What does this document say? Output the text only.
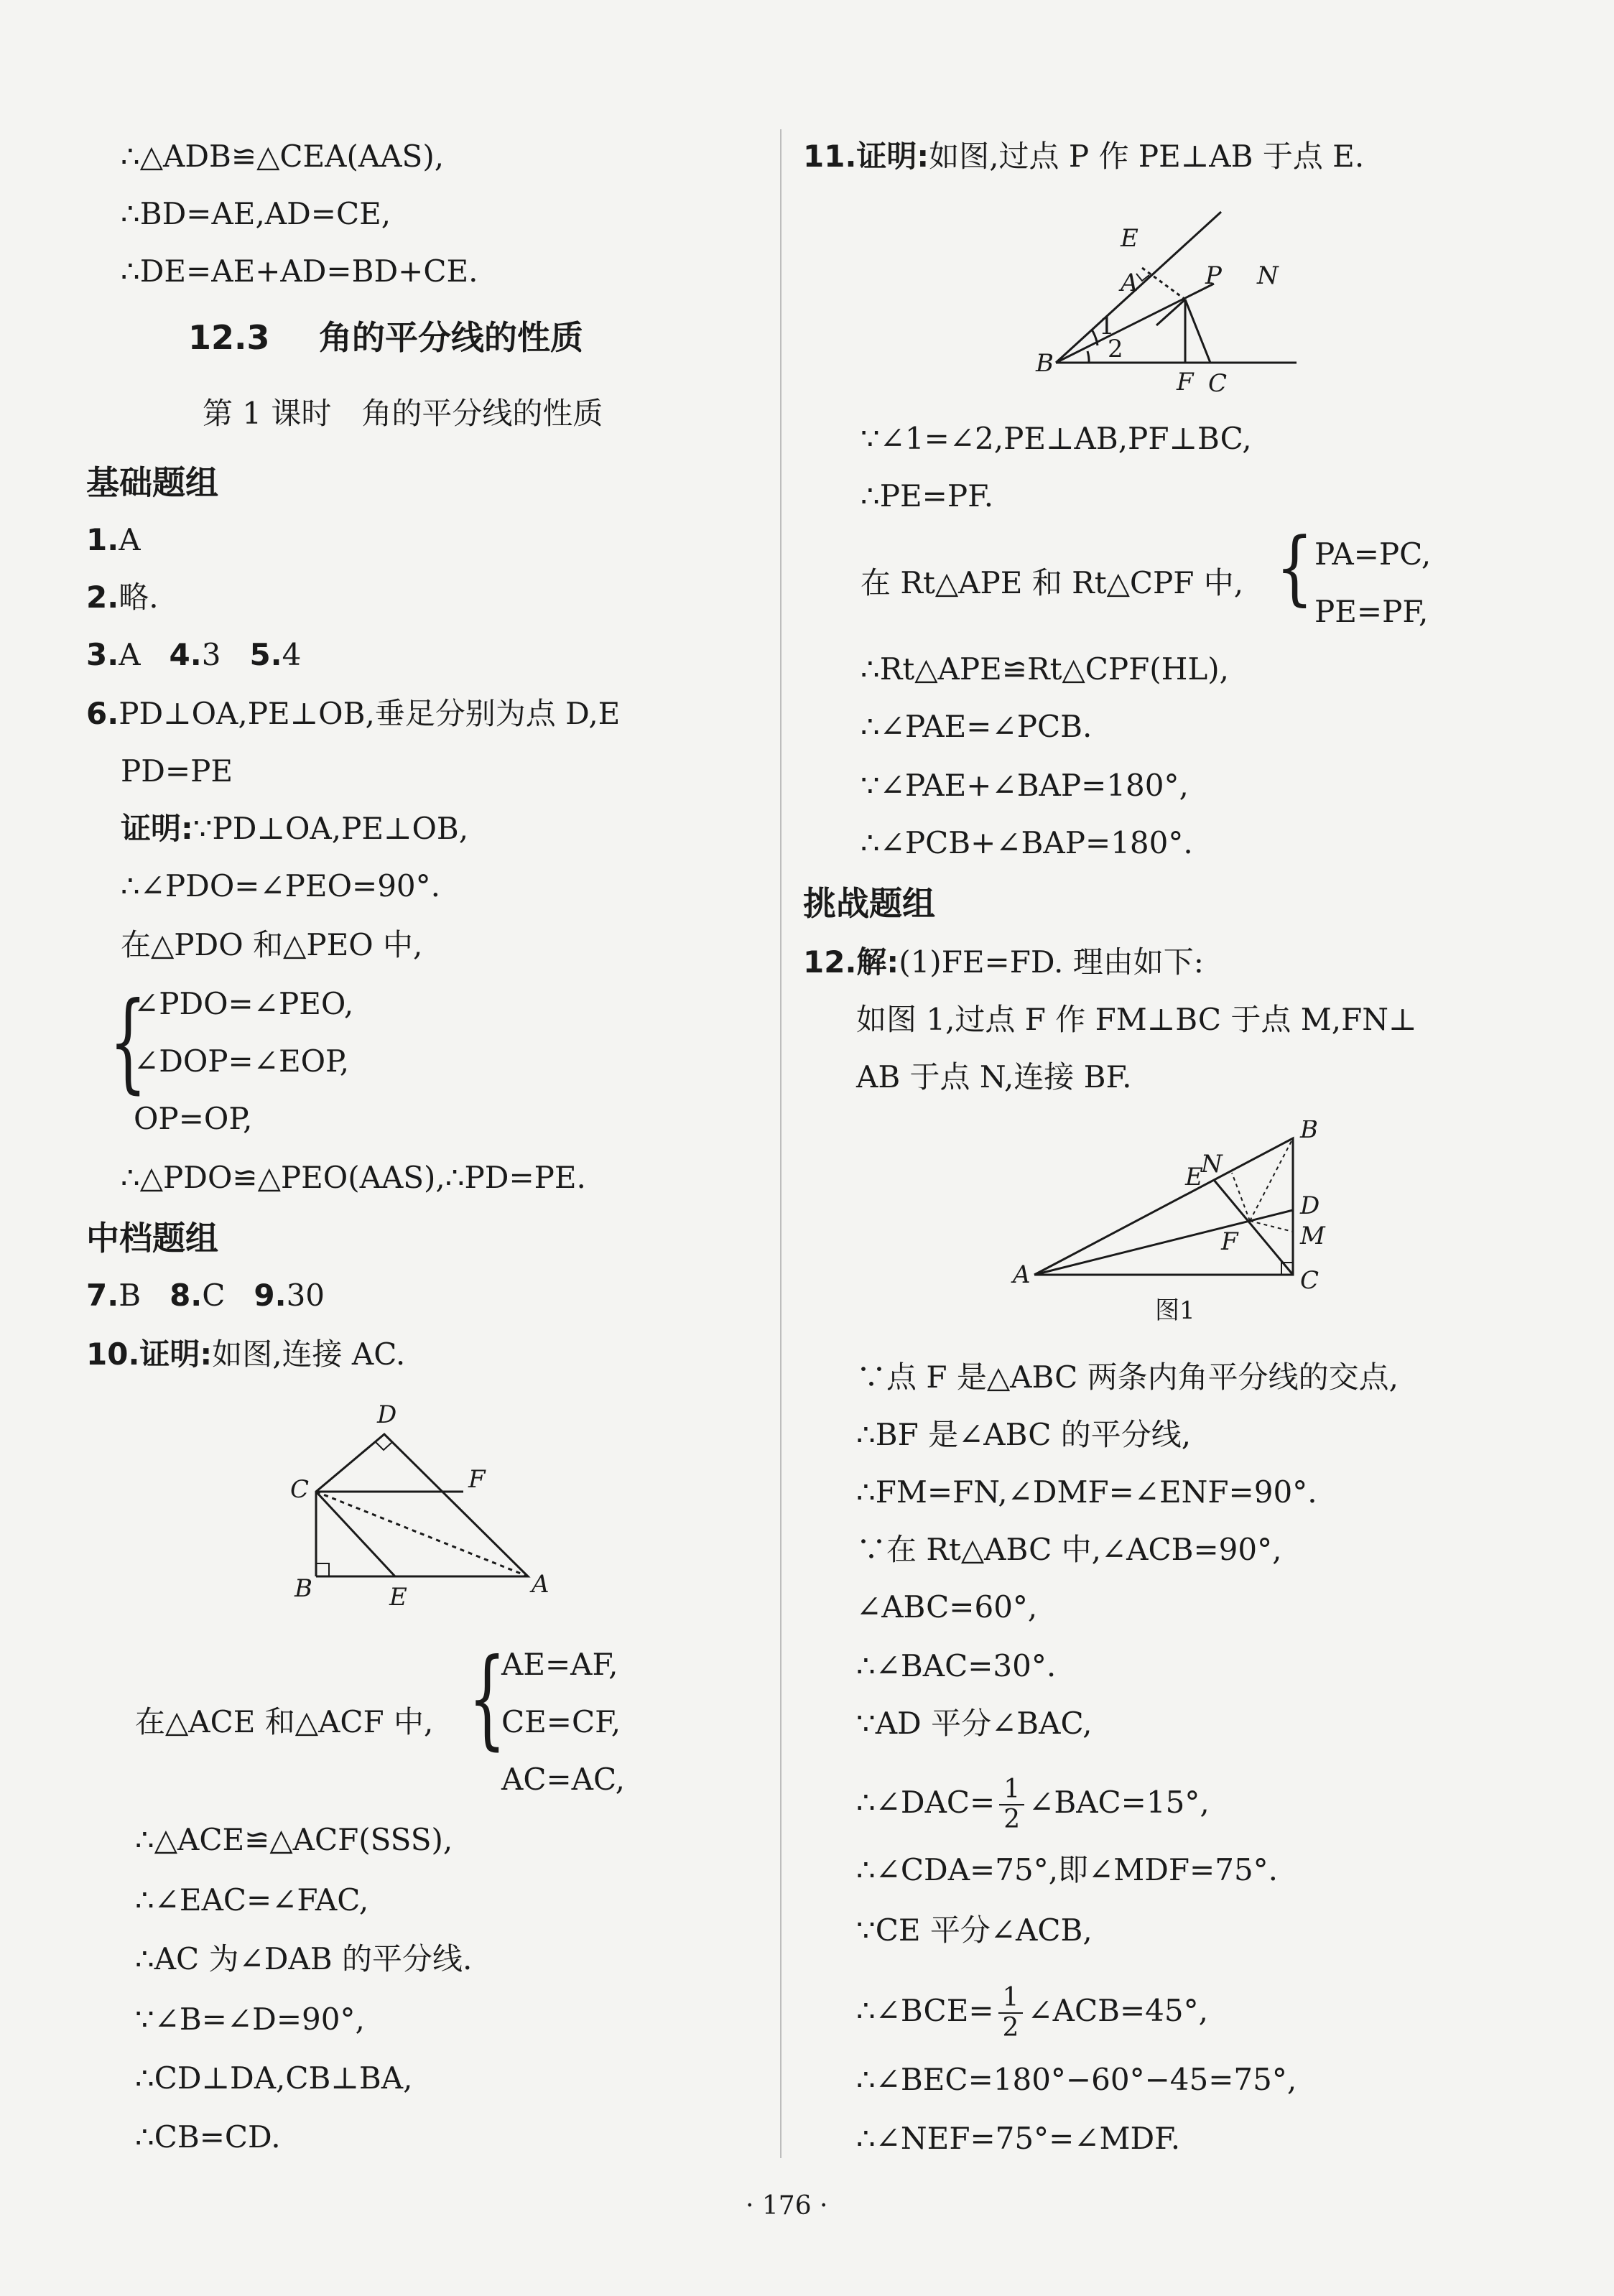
∴△ADB≌△CEA(AAS),
∴BD=AE,AD=CE,
∴DE=AE+AD=BD+CE.
12.3 角的平分线的性质
第 1 课时　角的平分线的性质
基础题组
1.A
2.略.
3.A 4.3 5.4
6.PD⊥OA,PE⊥OB,垂足分别为点 D,E
PD=PE
证明:∵PD⊥OA,PE⊥OB,
∴∠PDO=∠PEO=90°.
在△PDO 和△PEO 中,
{
∠PDO=∠PEO,
∠DOP=∠EOP,
OP=OP,
∴△PDO≌△PEO(AAS),∴PD=PE.
中档题组
7.B 8.C 9.30
10.证明:如图,连接 AC.
D
C	F
B	E	A
在△ACE 和△ACF 中, {
AE=AF,
CE=CF,
AC=AC,
∴△ACE≌△ACF(SSS),
∴∠EAC=∠FAC,
∴AC 为∠DAB 的平分线.
∵∠B=∠D=90°,
∴CD⊥DA,CB⊥BA,
∴CB=CD.
11.证明:如图,过点 P 作 PE⊥AB 于点 E.
E
A	P N
1
2
B
F C
∵∠1=∠2,PE⊥AB,PF⊥BC,
∴PE=PF.
在 Rt△APE 和 Rt△CPF 中, { PA=PC,
PE=PF,
∴Rt△APE≌Rt△CPF(HL),
∴∠PAE=∠PCB.
∵∠PAE+∠BAP=180°,
∴∠PCB+∠BAP=180°.
挑战题组
12.解:(1)FE=FD. 理由如下:
如图 1,过点 F 作 FM⊥BC 于点 M,FN⊥
AB 于点 N,连接 BF.
B
E
N
D
M
F
A	C
图1
∵点 F 是△ABC 两条内角平分线的交点,
∴BF 是∠ABC 的平分线,
∴FM=FN,∠DMF=∠ENF=90°.
∵在 Rt△ABC 中,∠ACB=90°,
∠ABC=60°,
∴∠BAC=30°.
∵AD 平分∠BAC,
∴∠DAC= $\frac{1}{2}$ ∠BAC=15°,
∴∠CDA=75°,即∠MDF=75°.
∵CE 平分∠ACB,
∴∠BCE= $\frac{1}{2}$ ∠ACB=45°,
∴∠BEC=180°−60°−45=75°,
∴∠NEF=75°=∠MDF.
· 176 ·
